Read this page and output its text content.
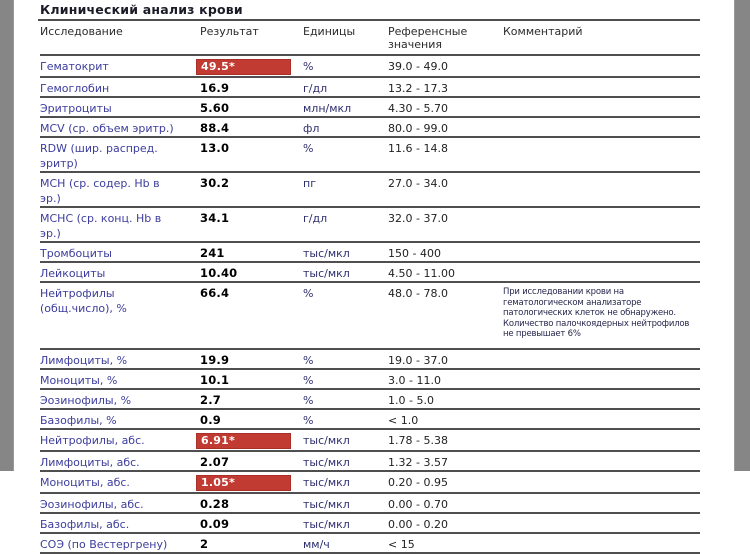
Клинический анализ крови
Исследование	Результат	Единицы	Референсные значения	Комментарий
Гематокрит	49.5*	%	39.0 - 49.0	

Гемоглобин	16.9	г/дл	13.2 - 17.3	

Эритроциты	5.60	млн/мкл	4.30 - 5.70	

MCV (ср. объем эритр.)	88.4	фл	80.0 - 99.0	

RDW (шир. распред. эритр)	13.0	%	11.6 - 14.8	

MCH (ср. содер. Hb в эр.)	30.2	пг	27.0 - 34.0	

MCHC (ср. конц. Hb в эр.)	34.1	г/дл	32.0 - 37.0	

Тромбоциты	241	тыс/мкл	150 - 400	

Лейкоциты	10.40	тыс/мкл	4.50 - 11.00	

Нейтрофилы (общ.число), %	66.4	%	48.0 - 78.0	При исследовании крови на гематологическом анализаторе патологических клеток не обнаружено. Количество палочкоядерных нейтрофилов не превышает 6%

Лимфоциты, %	19.9	%	19.0 - 37.0	

Моноциты, %	10.1	%	3.0 - 11.0	

Эозинофилы, %	2.7	%	1.0 - 5.0	

Базофилы, %	0.9	%	< 1.0	

Нейтрофилы, абс.	6.91*	тыс/мкл	1.78 - 5.38	

Лимфоциты, абс.	2.07	тыс/мкл	1.32 - 3.57	

Моноциты, абс.	1.05*	тыс/мкл	0.20 - 0.95	

Эозинофилы, абс.	0.28	тыс/мкл	0.00 - 0.70	

Базофилы, абс.	0.09	тыс/мкл	0.00 - 0.20	

СОЭ (по Вестергрену)	2	мм/ч	< 15	
